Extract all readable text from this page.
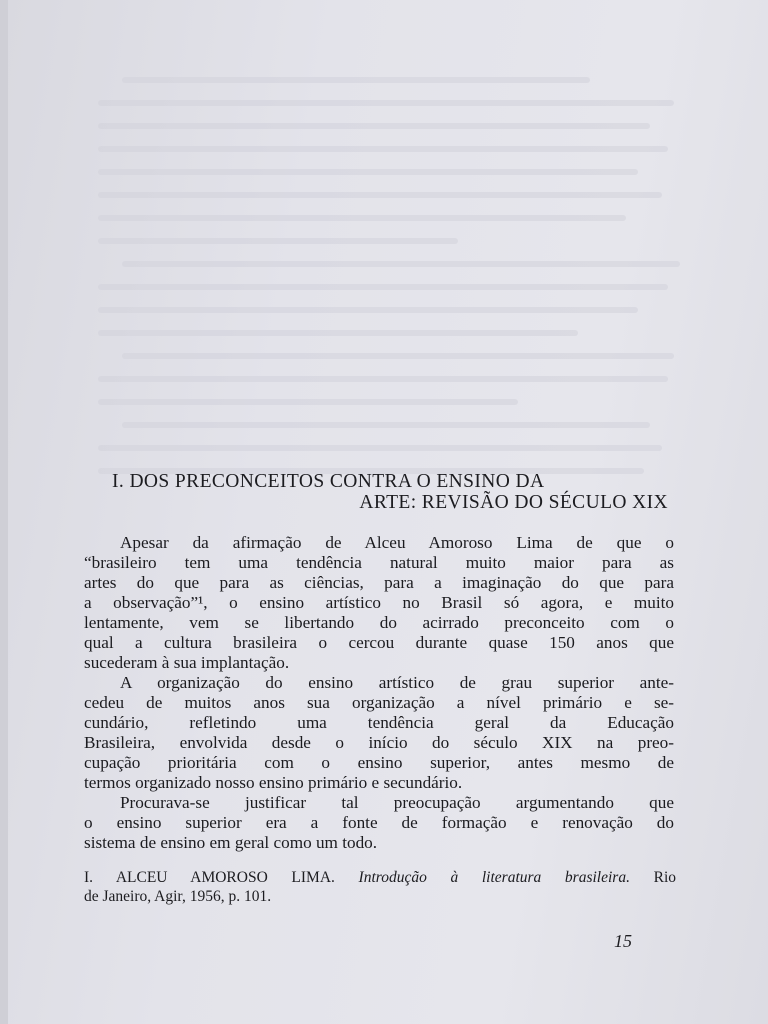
I. DOS PRECONCEITOS CONTRA O ENSINO DA
ARTE: REVISÃO DO SÉCULO XIX
Apesar da afirmação de Alceu Amoroso Lima de que o
“brasileiro tem uma tendência natural muito maior para as
artes do que para as ciências, para a imaginação do que para
a observação”¹, o ensino artístico no Brasil só agora, e muito
lentamente, vem se libertando do acirrado preconceito com o
qual a cultura brasileira o cercou durante quase 150 anos que
sucederam à sua implantação.
A organização do ensino artístico de grau superior ante-
cedeu de muitos anos sua organização a nível primário e se-
cundário, refletindo uma tendência geral da Educação
Brasileira, envolvida desde o início do século XIX na preo-
cupação prioritária com o ensino superior, antes mesmo de
termos organizado nosso ensino primário e secundário.
Procurava-se justificar tal preocupação argumentando que
o ensino superior era a fonte de formação e renovação do
sistema de ensino em geral como um todo.
I. ALCEU AMOROSO LIMA. Introdução à literatura brasileira. Rio
de Janeiro, Agir, 1956, p. 101.
15
